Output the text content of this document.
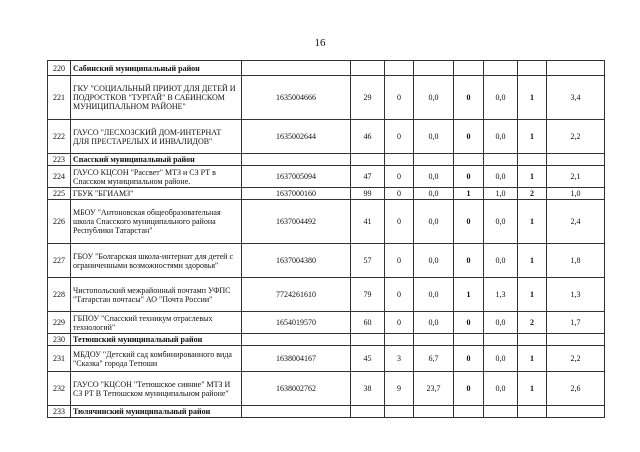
16
220	Сабинский муниципальный район								
221	ГКУ "СОЦИАЛЬНЫЙ ПРИЮТ ДЛЯ ДЕТЕЙ И ПОДРОСТКОВ "ТУРГАЙ" В САБИНСКОМ МУНИЦИПАЛЬНОМ РАЙОНЕ"	1635004666	29	0	0,0	0	0,0	1	3,4
222	ГАУСО "ЛЕСХОЗСКИЙ ДОМ-ИНТЕРНАТ ДЛЯ ПРЕСТАРЕЛЫХ И ИНВАЛИДОВ"	1635002644	46	0	0,0	0	0,0	1	2,2
223	Спасский муниципальный район								
224	ГАУСО КЦСОН "Рассвет" МТЗ и СЗ РТ в Спасском муниципальном районе.	1637005094	47	0	0,0	0	0,0	1	2,1
225	ГБУК "БГИАМЗ"	1637000160	99	0	0,0	1	1,0	2	1,0
226	МБОУ "Антоновская общеобразовательная школа Спасского муниципального района Республики Татарстан"	1637004492	41	0	0,0	0	0,0	1	2,4
227	ГБОУ "Болгарская школа-интернат для детей с ограниченными возможностями здоровья"	1637004380	57	0	0,0	0	0,0	1	1,8
228	Чистопольский межрайонный почтамп УФПС "Татарстан почтасы" АО "Почта России"	7724261610	79	0	0,0	1	1,3	1	1,3
229	ГБПОУ "Спасский техникум отраслевых технологий"	1654019570	60	0	0,0	0	0,0	2	1,7
230	Тетюшский муниципальный район								
231	МБДОУ "Детский сад комбинированного вида "Сказка" города Тетюши	1638004167	45	3	6,7	0	0,0	1	2,2
232	ГАУСО "КЦСОН "Тетюшское сияние" МТЗ И СЗ РТ В Тетюшском муниципальном районе"	1638002762	38	9	23,7	0	0,0	1	2,6
233	Тюлячинский муниципальный район								
